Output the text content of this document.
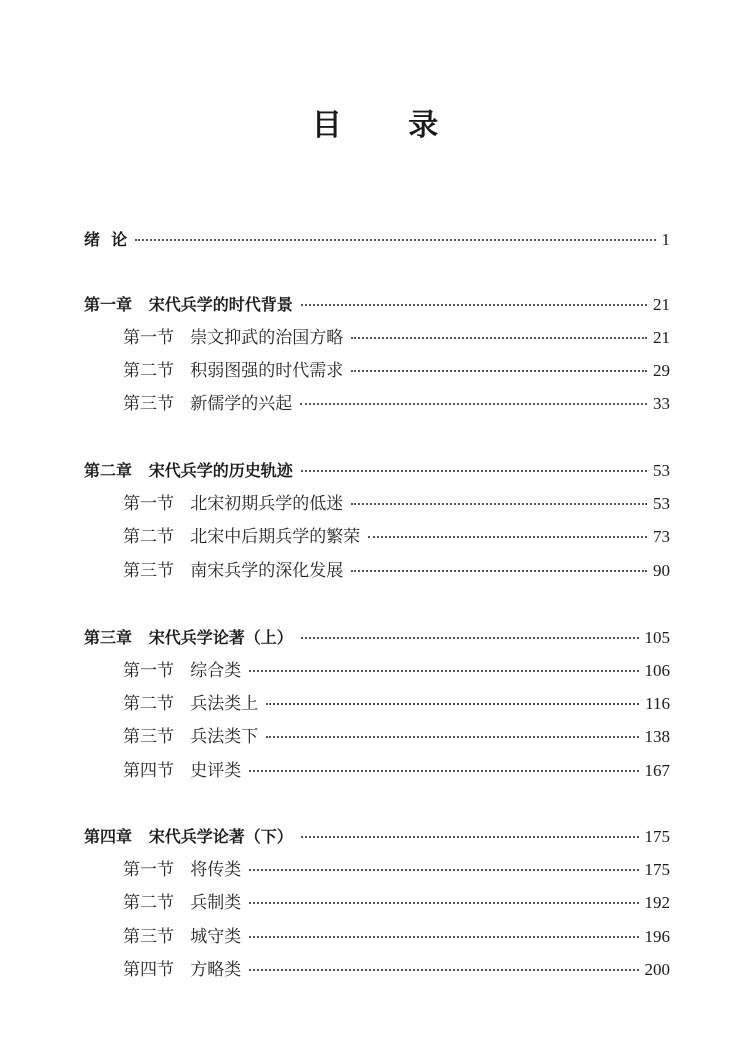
目 录
绪  论	1
第一章   宋代兵学的时代背景	21
第一节   崇文抑武的治国方略	21
第二节   积弱图强的时代需求	29
第三节   新儒学的兴起	33
第二章   宋代兵学的历史轨迹	53
第一节   北宋初期兵学的低迷	53
第二节   北宋中后期兵学的繁荣	73
第三节   南宋兵学的深化发展	90
第三章   宋代兵学论著（上）	105
第一节   综合类	106
第二节   兵法类上	116
第三节   兵法类下	138
第四节   史评类	167
第四章   宋代兵学论著（下）	175
第一节   将传类	175
第二节   兵制类	192
第三节   城守类	196
第四节   方略类	200
